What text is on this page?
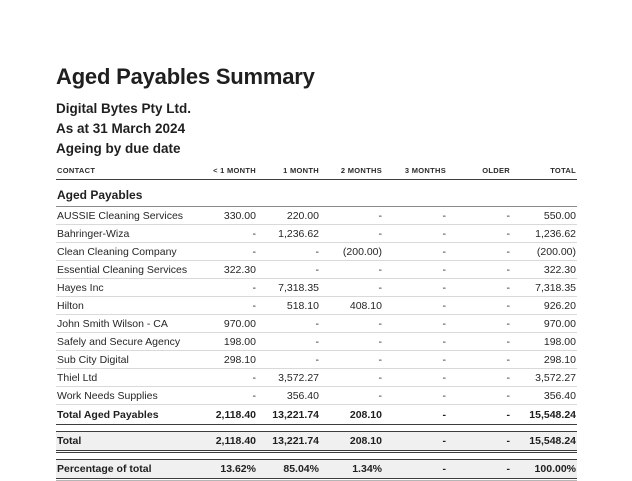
Aged Payables Summary
Digital Bytes Pty Ltd.
As at 31 March 2024
Ageing by due date
CONTACT	< 1 MONTH	1 MONTH	2 MONTHS	3 MONTHS	OLDER	TOTAL
Aged Payables						
AUSSIE Cleaning Services	330.00	220.00	-	-	-	550.00
Bahringer-Wiza	-	1,236.62	-	-	-	1,236.62
Clean Cleaning Company	-	-	(200.00)	-	-	(200.00)
Essential Cleaning Services	322.30	-	-	-	-	322.30
Hayes Inc	-	7,318.35	-	-	-	7,318.35
Hilton	-	518.10	408.10	-	-	926.20
John Smith Wilson - CA	970.00	-	-	-	-	970.00
Safely and Secure Agency	198.00	-	-	-	-	198.00
Sub City Digital	298.10	-	-	-	-	298.10
Thiel Ltd	-	3,572.27	-	-	-	3,572.27
Work Needs Supplies	-	356.40	-	-	-	356.40
Total Aged Payables	2,118.40	13,221.74	208.10	-	-	15,548.24

Total	2,118.40	13,221.74	208.10	-	-	15,548.24

Percentage of total	13.62%	85.04%	1.34%	-	-	100.00%
